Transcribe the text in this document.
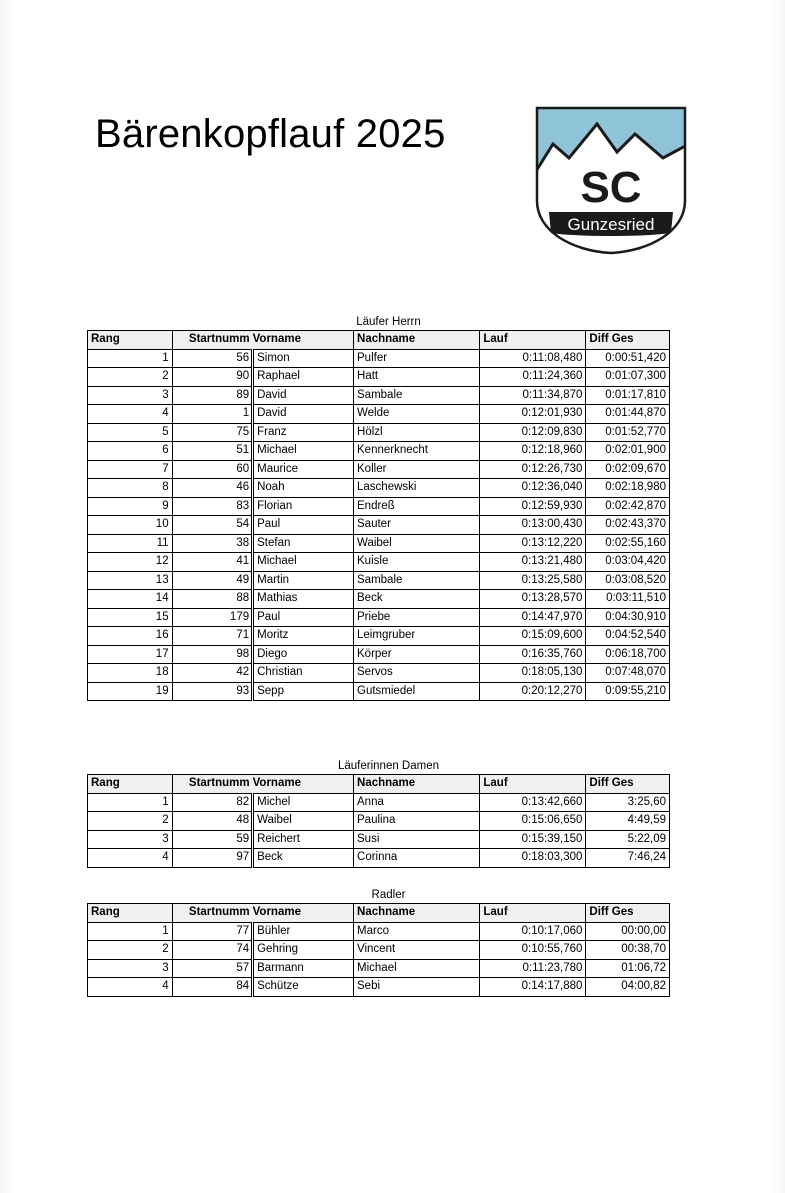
Bärenkopflauf 2025
SC
Gunzesried
Läufer Herrn
Rang	Startnumm	Vorname	Nachname	Lauf	Diff Ges
1	56	Simon	Pulfer	0:11:08,480	0:00:51,420
2	90	Raphael	Hatt	0:11:24,360	0:01:07,300
3	89	David	Sambale	0:11:34,870	0:01:17,810
4	1	David	Welde	0:12:01,930	0:01:44,870
5	75	Franz	Hölzl	0:12:09,830	0:01:52,770
6	51	Michael	Kennerknecht	0:12:18,960	0:02:01,900
7	60	Maurice	Koller	0:12:26,730	0:02:09,670
8	46	Noah	Laschewski	0:12:36,040	0:02:18,980
9	83	Florian	Endreß	0:12:59,930	0:02:42,870
10	54	Paul	Sauter	0:13:00,430	0:02:43,370
11	38	Stefan	Waibel	0:13:12,220	0:02:55,160
12	41	Michael	Kuisle	0:13:21,480	0:03:04,420
13	49	Martin	Sambale	0:13:25,580	0:03:08,520
14	88	Mathias	Beck	0:13:28,570	0:03:11,510
15	179	Paul	Priebe	0:14:47,970	0:04:30,910
16	71	Moritz	Leimgruber	0:15:09,600	0:04:52,540
17	98	Diego	Körper	0:16:35,760	0:06:18,700
18	42	Christian	Servos	0:18:05,130	0:07:48,070
19	93	Sepp	Gutsmiedel	0:20:12,270	0:09:55,210
Läuferinnen Damen
Rang	Startnumm	Vorname	Nachname	Lauf	Diff Ges
1	82	Michel	Anna	0:13:42,660	3:25,60
2	48	Waibel	Paulina	0:15:06,650	4:49,59
3	59	Reichert	Susi	0:15:39,150	5:22,09
4	97	Beck	Corinna	0:18:03,300	7:46,24
Radler
Rang	Startnumm	Vorname	Nachname	Lauf	Diff Ges
1	77	Bühler	Marco	0:10:17,060	00:00,00
2	74	Gehring	Vincent	0:10:55,760	00:38,70
3	57	Barmann	Michael	0:11:23,780	01:06,72
4	84	Schütze	Sebi	0:14:17,880	04:00,82
